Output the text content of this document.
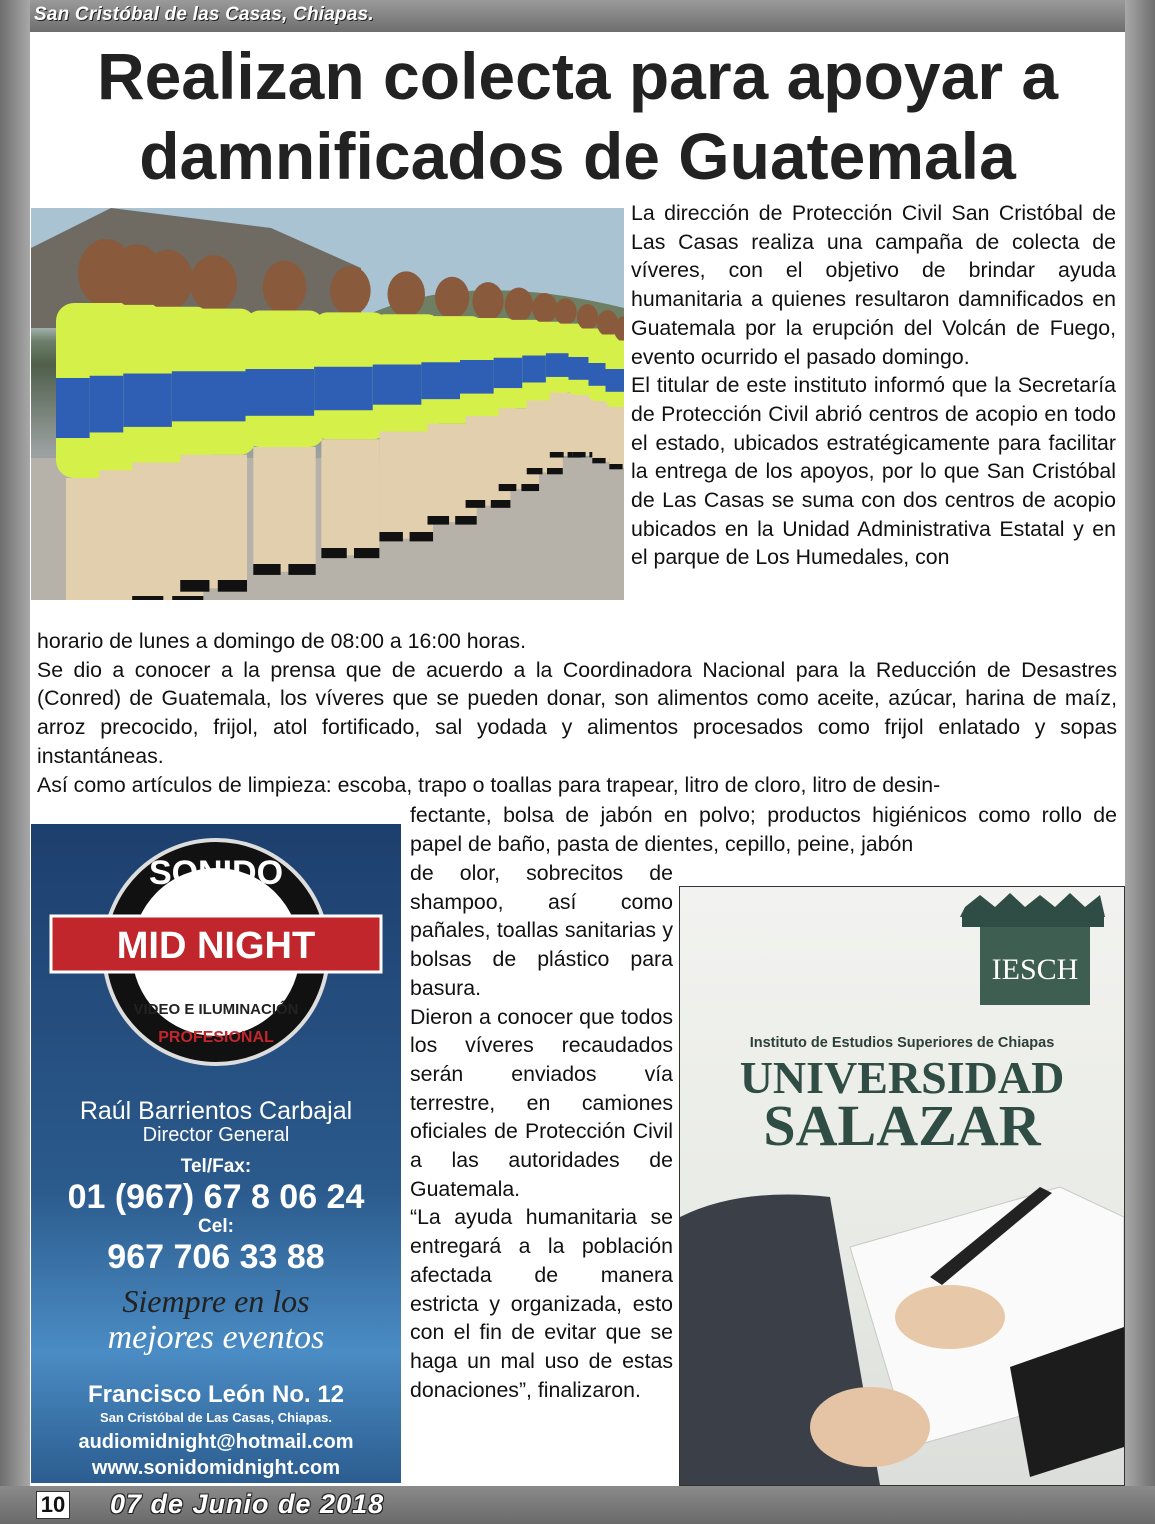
San Cristóbal de las Casas, Chiapas.
Realizan colecta para apoyar a
damnificados de Guatemala

La dirección de Protección Civil San Cristóbal de Las Casas realiza una campaña de colecta de víveres, con el objetivo de brindar ayuda humanitaria a quienes resultaron damnificados en Guatemala por la erupción del Volcán de Fuego, evento ocurrido el pasado domingo.

El titular de este instituto informó que la Secretaría de Protección Civil abrió centros de acopio en todo el estado, ubicados estratégicamente para facilitar la entrega de los apoyos, por lo que San Cristóbal de Las Casas se suma con dos centros de acopio ubicados en la Unidad Administrativa Estatal y en el parque de Los Humedales, con

horario de lunes a domingo de 08:00 a 16:00 horas.

Se dio a conocer a la prensa que de acuerdo a la Coordinadora Nacional para la Reducción de Desastres (Conred) de Guatemala, los víveres que se pueden donar, son alimentos como aceite, azúcar, harina de maíz, arroz precocido, frijol, atol fortificado, sal yodada y alimentos procesados como frijol enlatado y sopas instantáneas.

Así como artículos de limpieza: escoba, trapo o toallas para trapear, litro de cloro, litro de desin-

fectante, bolsa de jabón en polvo; productos higiénicos como rollo de papel de baño, pasta de dientes, cepillo, peine, jabón

de olor, sobrecitos de shampoo, así como pañales, toallas sanitarias y bolsas de plástico para basura.

Dieron a conocer que todos los víveres recaudados serán enviados vía terrestre, en camiones oficiales de Protección Civil a las autoridades de Guatemala.

“La ayuda humanitaria se entregará a la población afectada de manera estricta y organizada, esto con el fin de evitar que se haga un mal uso de estas donaciones”, finalizaron.

SONIDO
MID NIGHT
VIDEO E ILUMINACIÓN
PROFESIONAL
Raúl Barrientos Carbajal
Director General
Tel/Fax:
01 (967) 67 8 06 24
Cel:
967 706 33 88
Siempre en los
mejores eventos
Francisco León No. 12
San Cristóbal de Las Casas, Chiapas.
audiomidnight@hotmail.com
www.sonidomidnight.com
IESCH
Instituto de Estudios Superiores de Chiapas
UNIVERSIDAD
SALAZAR
10 07 de Junio de 2018
